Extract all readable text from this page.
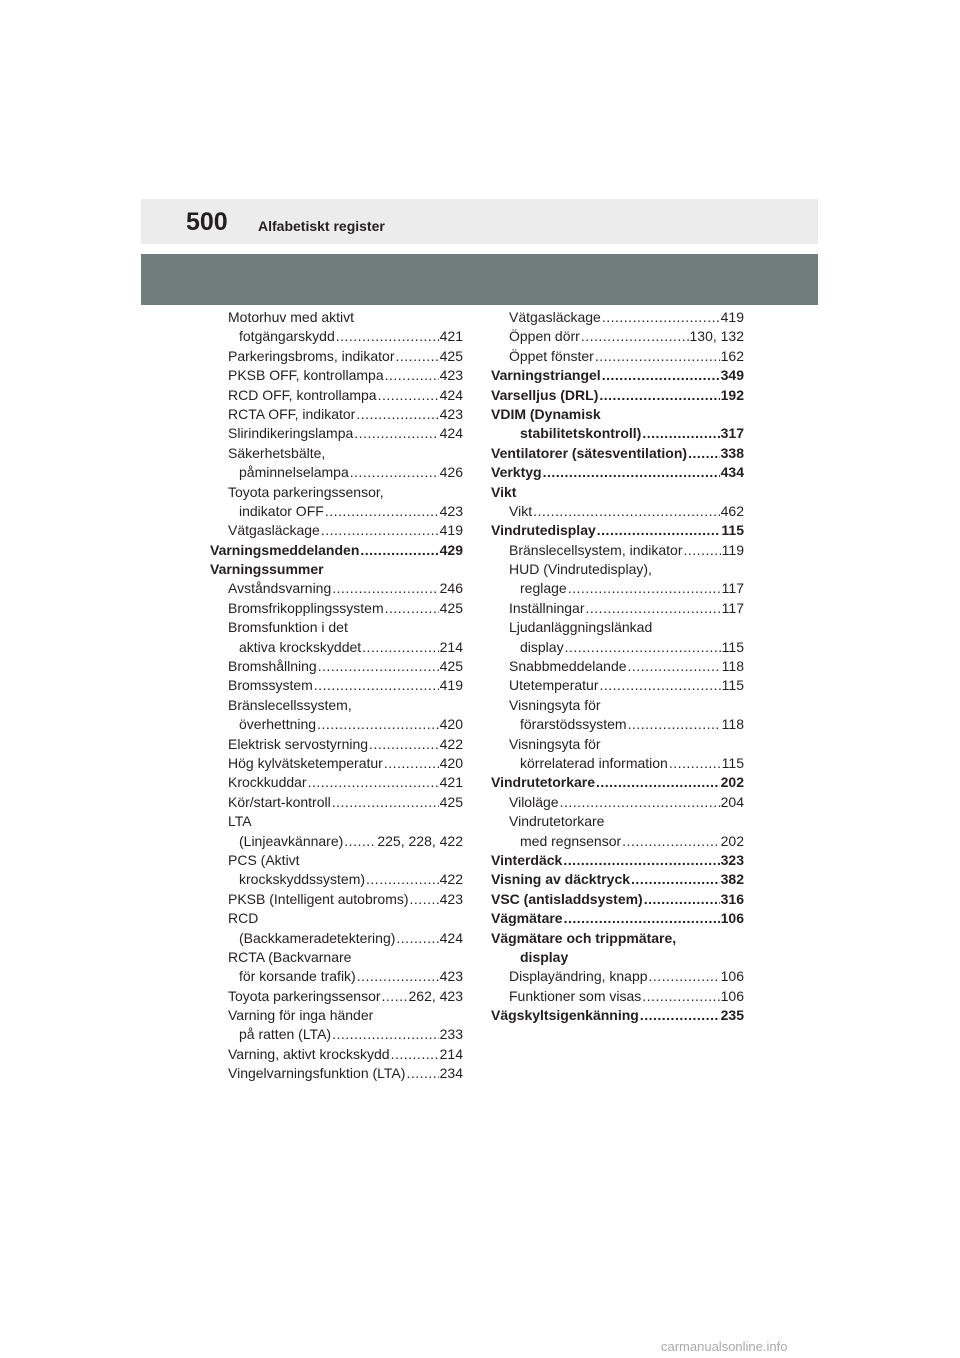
500 Alfabetiskt register
Motorhuv med aktivt
fotgängarskydd .....	421
Parkeringsbroms, indikator .....	425
PKSB OFF, kontrollampa .....	423
RCD OFF, kontrollampa .....	424
RCTA OFF, indikator .....	423
Slirindikeringslampa .....	424
Säkerhetsbälte,
påminnelselampa .....	426
Toyota parkeringssensor,
indikator OFF .....	423
Vätgasläckage .....	419
Varningsmeddelanden .....	429
Varningssummer
Avståndsvarning .....	246
Bromsfrikopplingssystem .....	425
Bromsfunktion i det
aktiva krockskyddet .....	214
Bromshållning .....	425
Bromssystem .....	419
Bränslecellssystem,
överhettning .....	420
Elektrisk servostyrning .....	422
Hög kylvätsketemperatur .....	420
Krockkuddar .....	421
Kör/start-kontroll .....	425
LTA
(Linjeavkännare) ..... 225, 228, 422
PCS (Aktivt
krockskyddssystem) .....	422
PKSB (Intelligent autobroms) ..... 423
RCD
(Backkameradetektering) .....	424
RCTA (Backvarnare
för korsande trafik) .....	423
Toyota parkeringssensor ..... 262, 423
Varning för inga händer
på ratten (LTA) .....	233
Varning, aktivt krockskydd .....	214
Vingelvarningsfunktion (LTA) ..... 234
Vätgasläckage .....	419
Öppen dörr .....	130, 132
Öppet fönster .....	162
Varningstriangel .....	349
Varselljus (DRL) .....	192
VDIM (Dynamisk
stabilitetskontroll) .....	317
Ventilatorer (sätesventilation) ..... 338
Verktyg .....	434
Vikt
Vikt .....	462
Vindrutedisplay .....	115
Bränslecellsystem, indikator .....	119
HUD (Vindrutedisplay),
reglage .....	117
Inställningar .....	117
Ljudanläggningslänkad
display .....	115
Snabbmeddelande .....	118
Utetemperatur .....	115
Visningsyta för
förarstödssystem .....	118
Visningsyta för
körrelaterad information .....	115
Vindrutetorkare .....	202
Viloläge .....	204
Vindrutetorkare
med regnsensor .....	202
Vinterdäck .....	323
Visning av däcktryck .....	382
VSC (antisladdsystem) .....	316
Vägmätare .....	106
Vägmätare och trippmätare,
display
Displayändring, knapp .....	106
Funktioner som visas .....	106
Vägskyltsigenkänning .....	235
carmanualsonline.info
